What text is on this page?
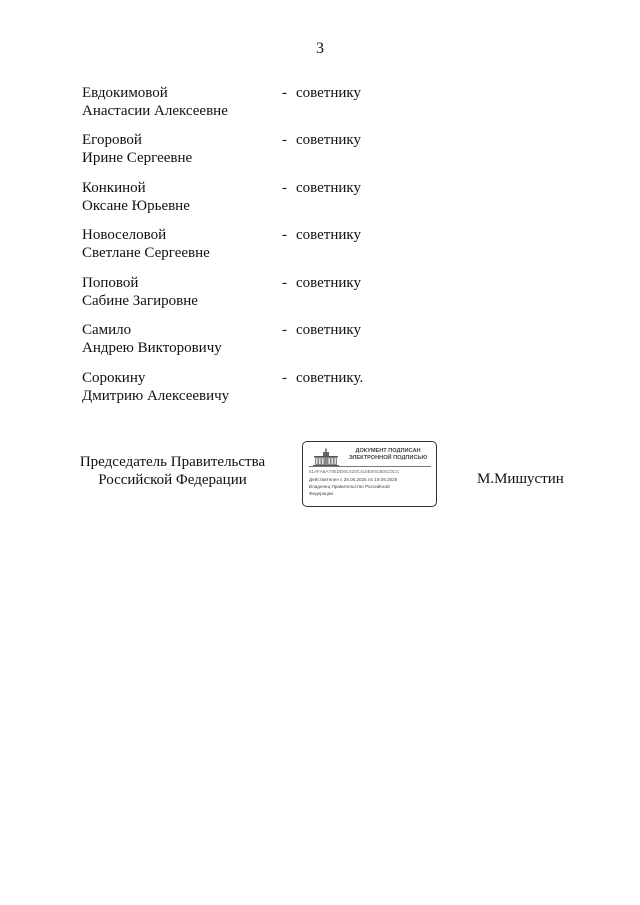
3
Евдокимовой
Анастасии Алексеевне
- советнику
Егоровой
Ирине Сергеевне
- советнику
Конкиной
Оксане Юрьевне
- советнику
Новоселовой
Светлане Сергеевне
- советнику
Поповой
Сабине Загировне
- советнику
Самило
Андрею Викторовичу
- советнику
Сорокину
Дмитрию Алексеевичу
- советнику.
Председатель Правительства
Российской Федерации
ДОКУМЕНТ ПОДПИСАН
ЭЛЕКТРОННОЙ ПОДПИСЬЮ
51AFA6A70EDD6C420C416E0043E5C0CC
Действителен с 26.06.2025 по 19.09.2026
Владелец Правительство Российской
Федерации
М.Мишустин
